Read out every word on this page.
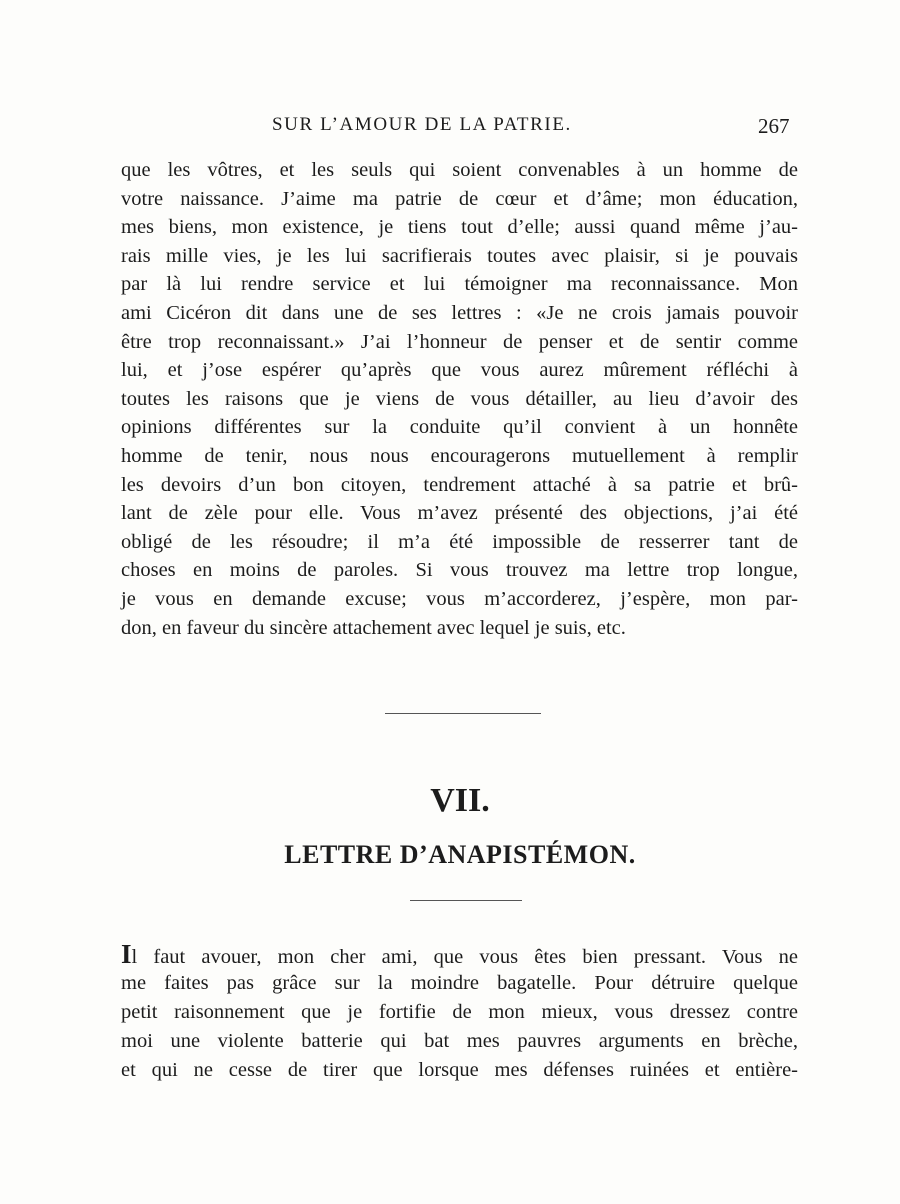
SUR L’AMOUR DE LA PATRIE.	267
que les vôtres, et les seuls qui soient convenables à un homme de
votre naissance. J’aime ma patrie de cœur et d’âme; mon éducation,
mes biens, mon existence, je tiens tout d’elle; aussi quand même j’au-
rais mille vies, je les lui sacrifierais toutes avec plaisir, si je pouvais
par là lui rendre service et lui témoigner ma reconnaissance. Mon
ami Cicéron dit dans une de ses lettres : «Je ne crois jamais pouvoir
être trop reconnaissant.» J’ai l’honneur de penser et de sentir comme
lui, et j’ose espérer qu’après que vous aurez mûrement réfléchi à
toutes les raisons que je viens de vous détailler, au lieu d’avoir des
opinions différentes sur la conduite qu’il convient à un honnête
homme de tenir, nous nous encouragerons mutuellement à remplir
les devoirs d’un bon citoyen, tendrement attaché à sa patrie et brû-
lant de zèle pour elle. Vous m’avez présenté des objections, j’ai été
obligé de les résoudre; il m’a été impossible de resserrer tant de
choses en moins de paroles. Si vous trouvez ma lettre trop longue,
je vous en demande excuse; vous m’accorderez, j’espère, mon par-
don, en faveur du sincère attachement avec lequel je suis, etc.
VII.
LETTRE D’ANAPISTÉMON.
Il faut avouer, mon cher ami, que vous êtes bien pressant. Vous ne
me faites pas grâce sur la moindre bagatelle. Pour détruire quelque
petit raisonnement que je fortifie de mon mieux, vous dressez contre
moi une violente batterie qui bat mes pauvres arguments en brèche,
et qui ne cesse de tirer que lorsque mes défenses ruinées et entière-
